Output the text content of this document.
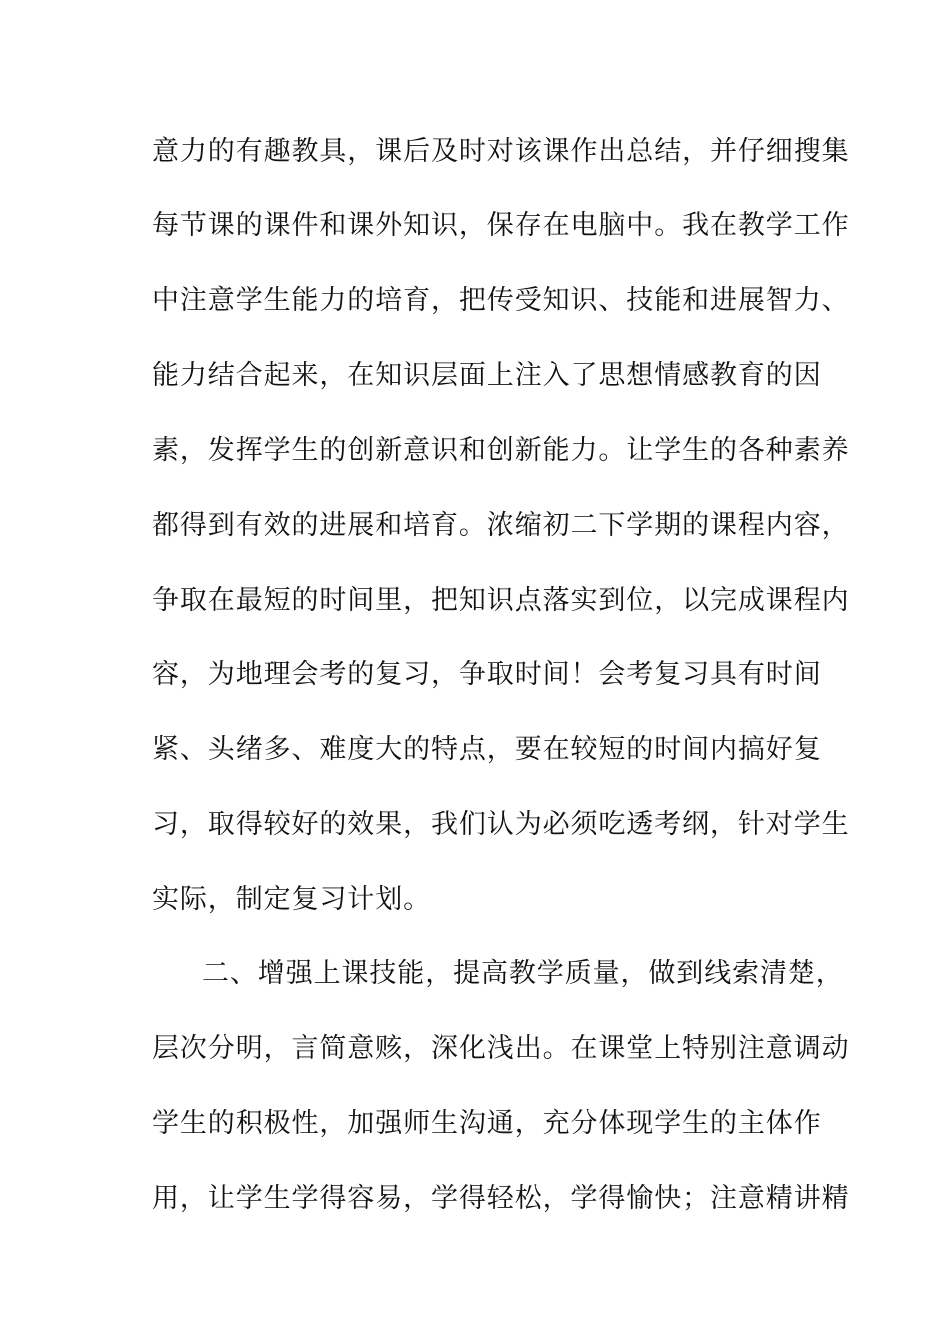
意力的有趣教具，课后及时对该课作出总结，并仔细搜集
每节课的课件和课外知识，保存在电脑中。我在教学工作
中注意学生能力的培育，把传受知识、技能和进展智力、
能力结合起来，在知识层面上注入了思想情感教育的因
素，发挥学生的创新意识和创新能力。让学生的各种素养
都得到有效的进展和培育。浓缩初二下学期的课程内容，
争取在最短的时间里，把知识点落实到位，以完成课程内
容，为地理会考的复习，争取时间！会考复习具有时间
紧、头绪多、难度大的特点，要在较短的时间内搞好复
习，取得较好的效果，我们认为必须吃透考纲，针对学生
实际，制定复习计划。
二、增强上课技能，提高教学质量，做到线索清楚，
层次分明，言简意赅，深化浅出。在课堂上特别注意调动
学生的积极性，加强师生沟通，充分体现学生的主体作
用，让学生学得容易，学得轻松，学得愉快；注意精讲精
